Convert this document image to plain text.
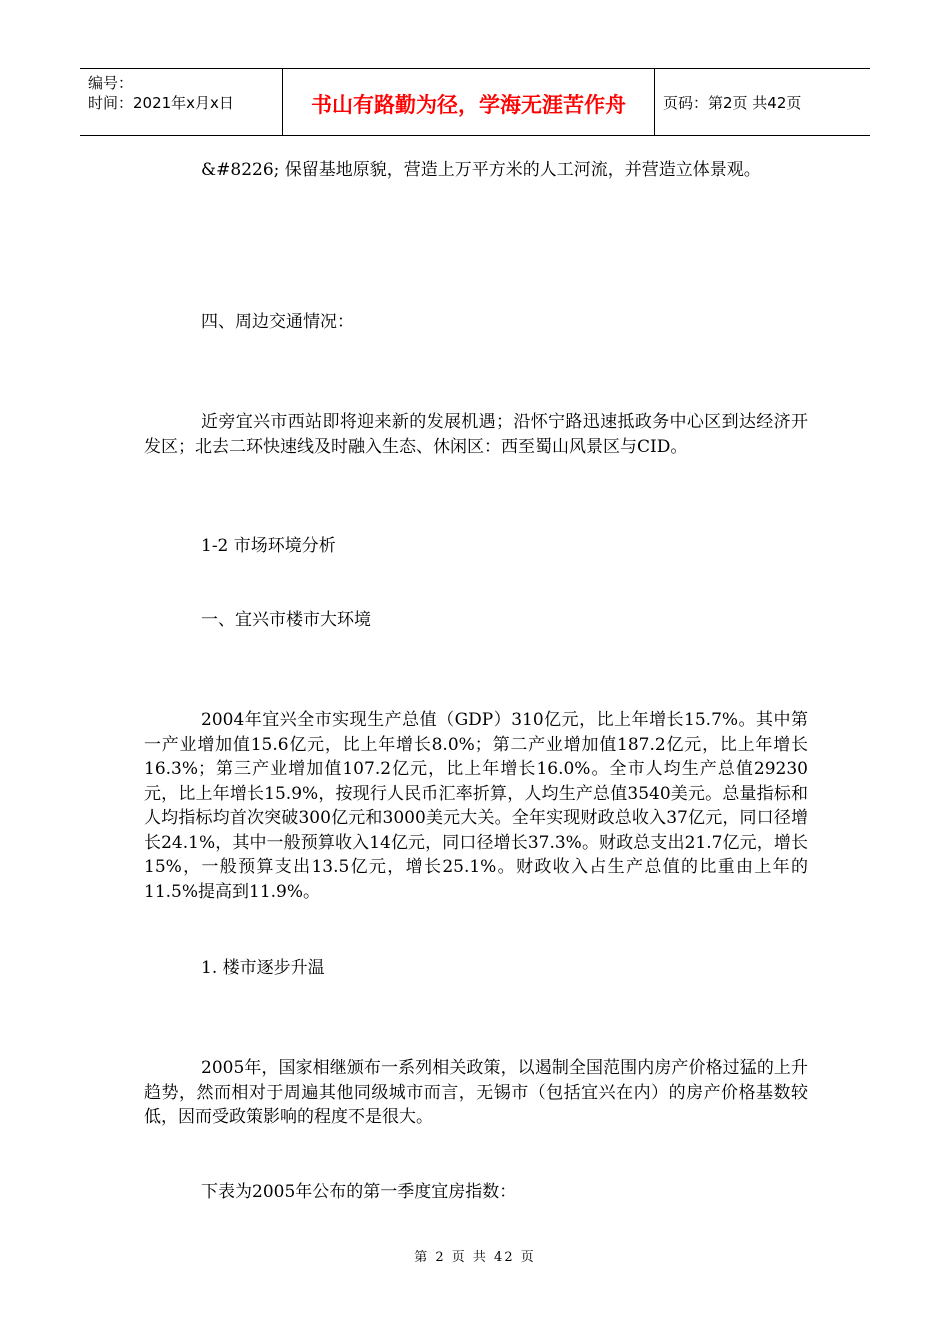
编号：
时间：2021年x月x日	书山有路勤为径，学海无涯苦作舟	页码：第2页 共42页

&#8226; 保留基地原貌，营造上万平方米的人工河流，并营造立体景观。

四、周边交通情况：

近旁宜兴市西站即将迎来新的发展机遇；沿怀宁路迅速抵政务中心区到达经济开发区；北去二环快速线及时融入生态、休闲区：西至蜀山风景区与CID。

1-2 市场环境分析

一、宜兴市楼市大环境

2004年宜兴全市实现生产总值（GDP）310亿元，比上年增长15.7%。其中第一产业增加值15.6亿元，比上年增长8.0%；第二产业增加值187.2亿元，比上年增长16.3%；第三产业增加值107.2亿元，比上年增长16.0%。全市人均生产总值29230元，比上年增长15.9%，按现行人民币汇率折算，人均生产总值3540美元。总量指标和人均指标均首次突破300亿元和3000美元大关。全年实现财政总收入37亿元，同口径增长24.1%，其中一般预算收入14亿元，同口径增长37.3%。财政总支出21.7亿元，增长15%，一般预算支出13.5亿元，增长25.1%。财政收入占生产总值的比重由上年的11.5%提高到11.9%。

1. 楼市逐步升温

2005年，国家相继颁布一系列相关政策，以遏制全国范围内房产价格过猛的上升趋势，然而相对于周遍其他同级城市而言，无锡市（包括宜兴在内）的房产价格基数较低，因而受政策影响的程度不是很大。

下表为2005年公布的第一季度宜房指数：

第 2 页 共 42 页
